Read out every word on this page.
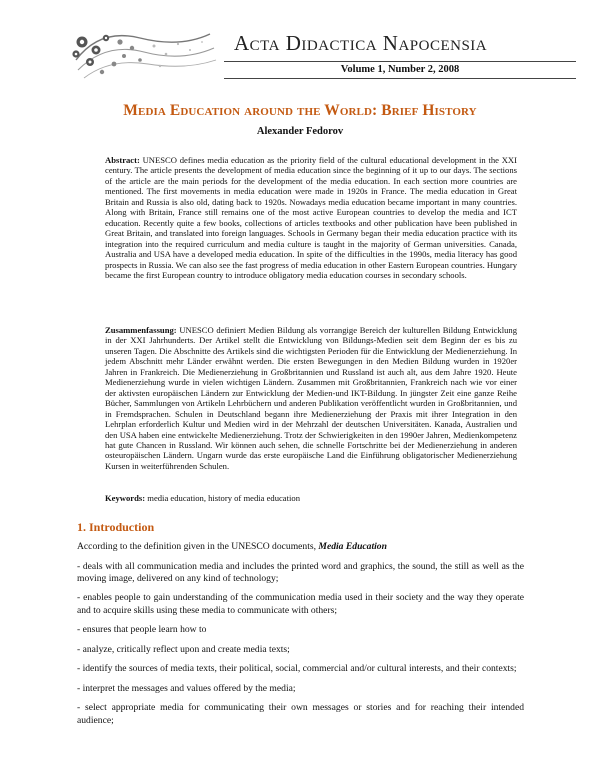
Acta Didactica Napocensia
Volume 1, Number 2, 2008
Media Education around the World: Brief History
Alexander Fedorov

Abstract: UNESCO defines media education as the priority field of the cultural educational development in the XXI century. The article presents the development of media education since the beginning of it up to our days. The sections of the article are the main periods for the development of the media education. In each section more countries are mentioned. The first movements in media education were made in 1920s in France. The media education in Great Britain and Russia is also old, dating back to 1920s. Nowadays media education became important in many countries. Along with Britain, France still remains one of the most active European countries to develop the media and ICT education. Recently quite a few books, collections of articles textbooks and other publication have been published in Great Britain, and translated into foreign languages. Schools in Germany began their media education practice with its integration into the required curriculum and media culture is taught in the majority of German universities. Canada, Australia and USA have a developed media education. In spite of the difficulties in the 1990s, media literacy has good prospects in Russia. We can also see the fast progress of media education in other Eastern European countries. Hungary became the first European country to introduce obligatory media education courses in secondary schools.

Zusammenfassung: UNESCO definiert Medien Bildung als vorrangige Bereich der kulturellen Bildung Entwicklung in der XXI Jahrhunderts. Der Artikel stellt die Entwicklung von Bildungs-Medien seit dem Beginn der es bis zu unseren Tagen. Die Abschnitte des Artikels sind die wichtigsten Perioden für die Entwicklung der Medienerziehung. In jedem Abschnitt mehr Länder erwähnt werden. Die ersten Bewegungen in den Medien Bildung wurden in 1920er Jahren in Frankreich. Die Medienerziehung in Großbritannien und Russland ist auch alt, aus dem Jahre 1920. Heute Medienerziehung wurde in vielen wichtigen Ländern. Zusammen mit Großbritannien, Frankreich nach wie vor einer der aktivsten europäischen Ländern zur Entwicklung der Medien-und IKT-Bildung. In jüngster Zeit eine ganze Reihe Bücher, Sammlungen von Artikeln Lehrbüchern und anderen Publikation veröffentlicht wurden in Großbritannien, und in Fremdsprachen. Schulen in Deutschland begann ihre Medienerziehung der Praxis mit ihrer Integration in den Lehrplan erforderlich Kultur und Medien wird in der Mehrzahl der deutschen Universitäten. Kanada, Australien und den USA haben eine entwickelte Medienerziehung. Trotz der Schwierigkeiten in den 1990er Jahren, Medienkompetenz hat gute Chancen in Russland. Wir können auch sehen, die schnelle Fortschritte bei der Medienerziehung in anderen osteuropäischen Ländern. Ungarn wurde das erste europäische Land die Einführung obligatorischer Medienerziehung Kursen in weiterführenden Schulen.

Keywords: media education, history of media education

1. Introduction

According to the definition given in the UNESCO documents, Media Education

- deals with all communication media and includes the printed word and graphics, the sound, the still as well as the moving image, delivered on any kind of technology;

- enables people to gain understanding of the communication media used in their society and the way they operate and to acquire skills using these media to communicate with others;

- ensures that people learn how to

- analyze, critically reflect upon and create media texts;

- identify the sources of media texts, their political, social, commercial and/or cultural interests, and their contexts;

- interpret the messages and values offered by the media;

- select appropriate media for communicating their own messages or stories and for reaching their intended audience;
